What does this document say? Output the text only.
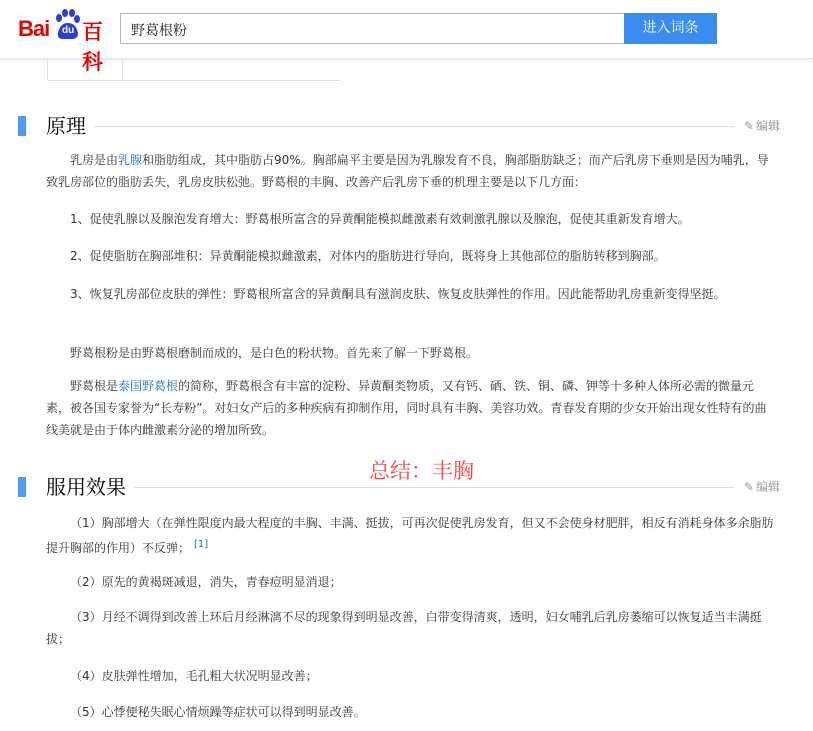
Bai du 百科
野葛根粉	进入词条
原理	✎ 编辑

乳房是由乳腺和脂肪组成，其中脂肪占90%。胸部扁平主要是因为乳腺发育不良，胸部脂肪缺乏；而产后乳房下垂则是因为哺乳，导致乳房部位的脂肪丢失，乳房皮肤松弛。野葛根的丰胸、改善产后乳房下垂的机理主要是以下几方面：

1、促使乳腺以及腺泡发育增大：野葛根所富含的异黄酮能模拟雌激素有效刺激乳腺以及腺泡，促使其重新发育增大。

2、促使脂肪在胸部堆积：异黄酮能模拟雌激素，对体内的脂肪进行导向，既将身上其他部位的脂肪转移到胸部。

3、恢复乳房部位皮肤的弹性：野葛根所富含的异黄酮具有滋润皮肤、恢复皮肤弹性的作用。因此能帮助乳房重新变得坚挺。

野葛根粉是由野葛根磨制而成的，是白色的粉状物。首先来了解一下野葛根。

野葛根是泰国野葛根的简称，野葛根含有丰富的淀粉、异黄酮类物质，又有钙、硒、铁、铜、磷、钾等十多种人体所必需的微量元素，被各国专家誉为“长寿粉”。对妇女产后的多种疾病有抑制作用，同时具有丰胸、美容功效。青春发育期的少女开始出现女性特有的曲线美就是由于体内雌激素分泌的增加所致。

总结：丰胸
服用效果	✎ 编辑

（1）胸部增大（在弹性限度内最大程度的丰胸、丰满、挺拔，可再次促使乳房发育，但又不会使身材肥胖，相反有消耗身体多余脂肪提升胸部的作用）不反弹； [1]

（2）原先的黄褐斑减退，消失，青春痘明显消退；

（3）月经不调得到改善上环后月经淋漓不尽的现象得到明显改善，白带变得清爽，透明，妇女哺乳后乳房萎缩可以恢复适当丰满挺拔；

（4）皮肤弹性增加，毛孔粗大状况明显改善；

（5）心悸便秘失眠心情烦躁等症状可以得到明显改善。
